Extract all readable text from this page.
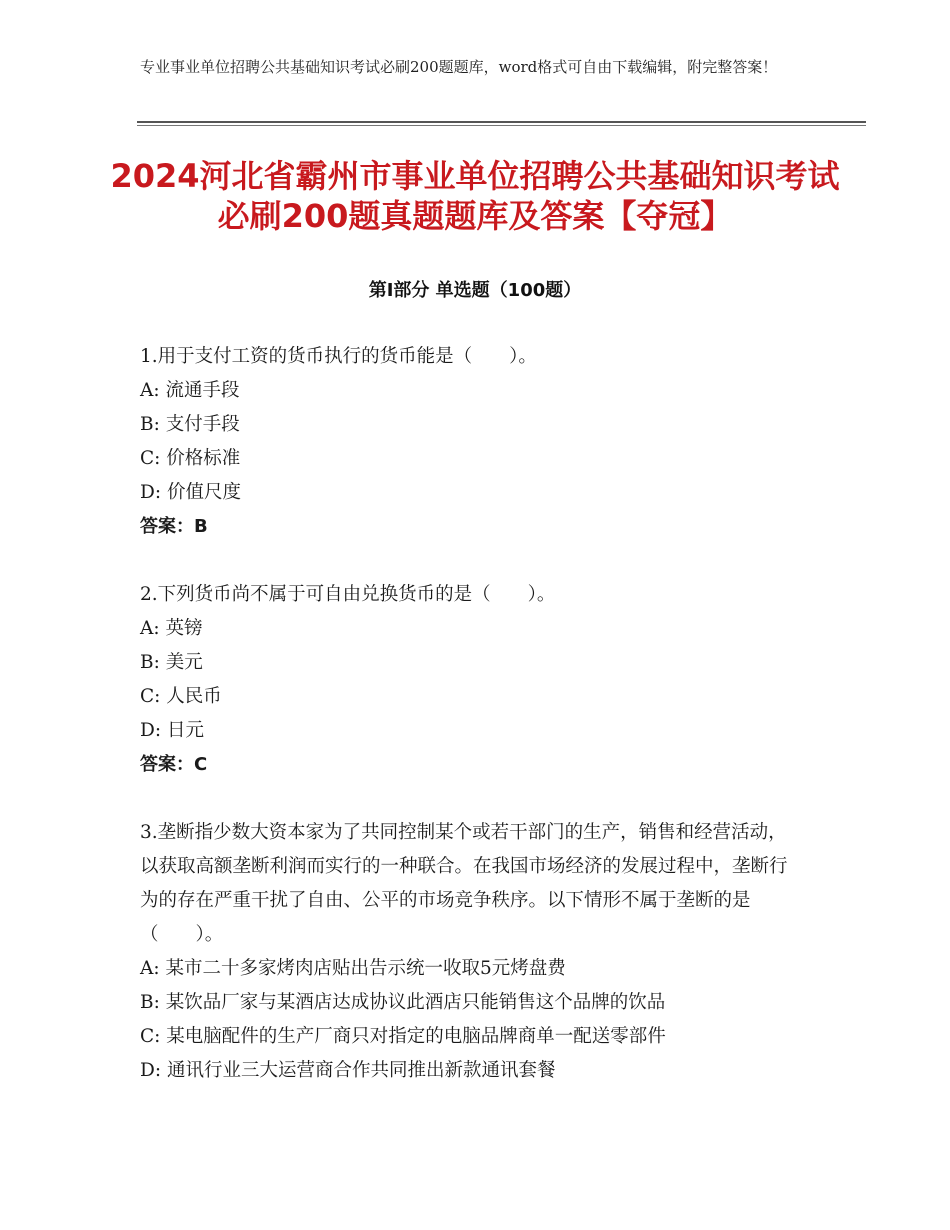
专业事业单位招聘公共基础知识考试必刷200题题库，word格式可自由下载编辑，附完整答案！
2024河北省霸州市事业单位招聘公共基础知识考试必刷200题真题题库及答案【夺冠】
第I部分 单选题（100题）

1.用于支付工资的货币执行的货币能是（　　）。

A: 流通手段

B: 支付手段

C: 价格标准

D: 价值尺度

答案：B

2.下列货币尚不属于可自由兑换货币的是（　　）。

A: 英镑

B: 美元

C: 人民币

D: 日元

答案：C

3.垄断指少数大资本家为了共同控制某个或若干部门的生产，销售和经营活动，以获取高额垄断利润而实行的一种联合。在我国市场经济的发展过程中，垄断行为的存在严重干扰了自由、公平的市场竞争秩序。以下情形不属于垄断的是（　　）。

A: 某市二十多家烤肉店贴出告示统一收取5元烤盘费

B: 某饮品厂家与某酒店达成协议此酒店只能销售这个品牌的饮品

C: 某电脑配件的生产厂商只对指定的电脑品牌商单一配送零部件

D: 通讯行业三大运营商合作共同推出新款通讯套餐
